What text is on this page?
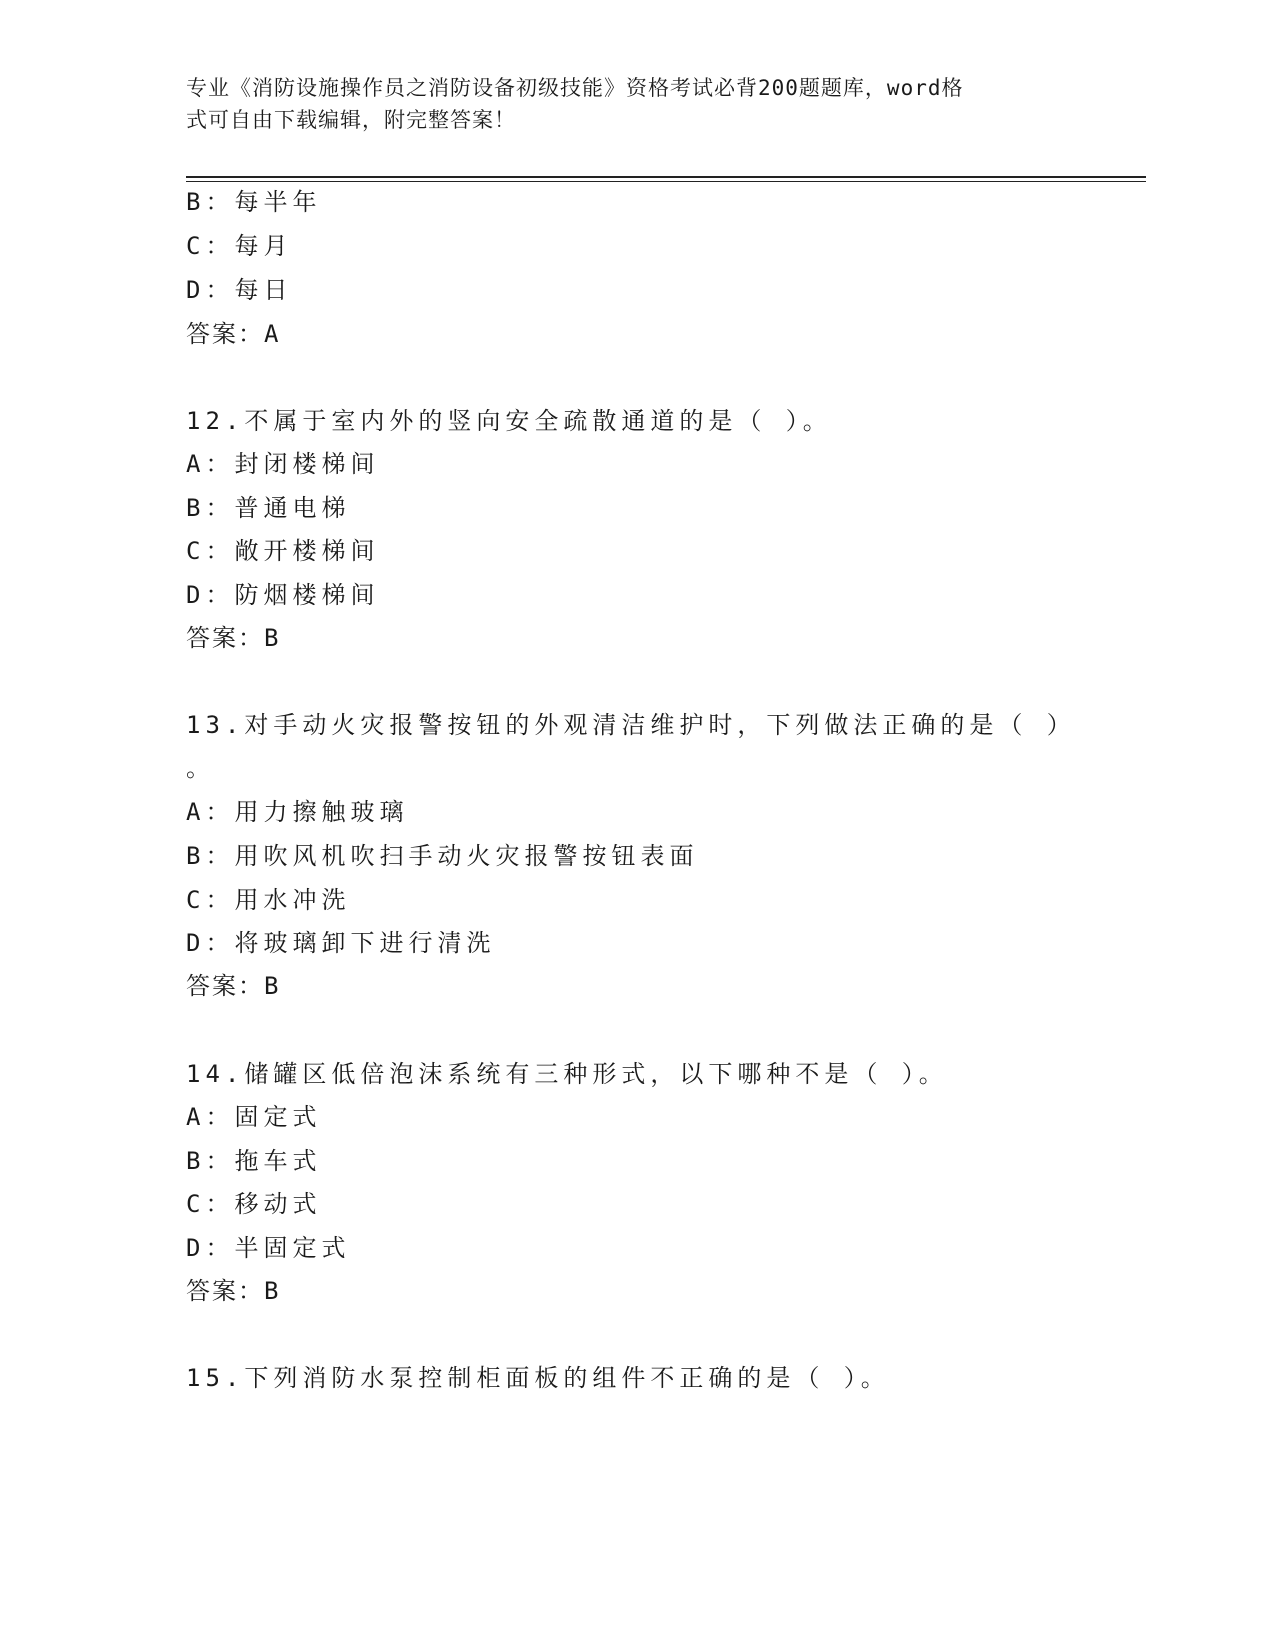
专业《消防设施操作员之消防设备初级技能》资格考试必背200题题库，word格
式可自由下载编辑，附完整答案！
B：每半年
C：每月
D：每日
答案：A
12.不属于室内外的竖向安全疏散通道的是（ ）。
A：封闭楼梯间
B：普通电梯
C：敞开楼梯间
D：防烟楼梯间
答案：B
13.对手动火灾报警按钮的外观清洁维护时，下列做法正确的是（ ）
。
A：用力擦触玻璃
B：用吹风机吹扫手动火灾报警按钮表面
C：用水冲洗
D：将玻璃卸下进行清洗
答案：B
14.储罐区低倍泡沫系统有三种形式，以下哪种不是（ ）。
A：固定式
B：拖车式
C：移动式
D：半固定式
答案：B
15.下列消防水泵控制柜面板的组件不正确的是（ ）。
